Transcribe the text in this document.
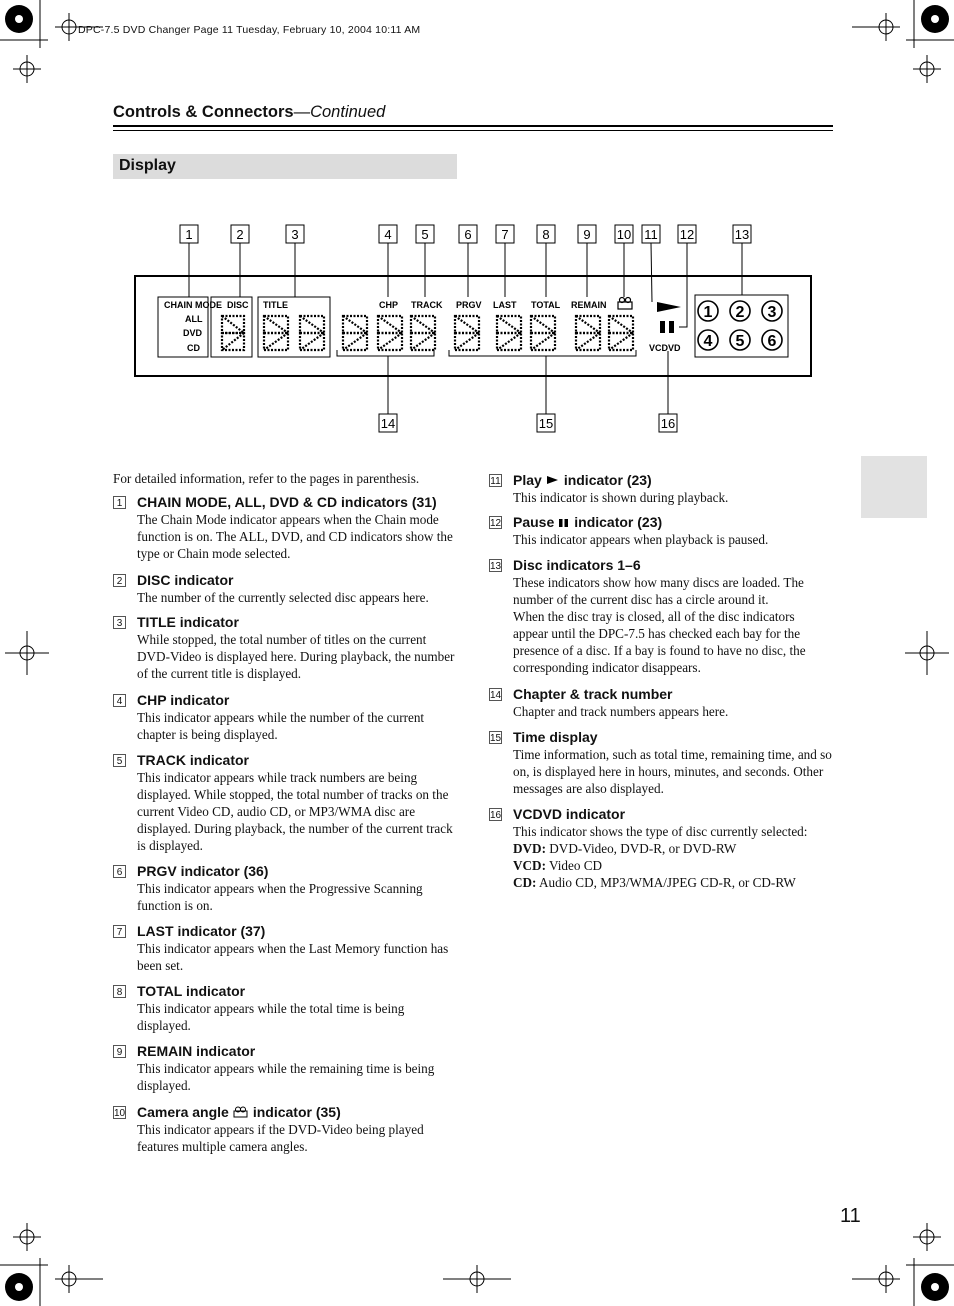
DPC-7.5 DVD Changer Page 11 Tuesday, February 10, 2004 10:11 AM
Controls & Connectors—Continued
Display
CHAIN MODE DISC
ALL
DVD
CD
TITLE	CHP TRACK PRGV LAST TOTAL REMAIN
VCDVD
1 2 3
4 5 6
1	2	3	4 5	6 7	8	9 10 11 12	13
14	15	16
For detailed information, refer to the pages in parenthesis.
1 CHAIN MODE, ALL, DVD & CD indicators (31)
The Chain Mode indicator appears when the Chain mode function is on. The ALL, DVD, and CD indicators show the type or Chain mode selected.
2 DISC indicator
The number of the currently selected disc appears here.
3 TITLE indicator
While stopped, the total number of titles on the current DVD-Video is displayed here. During playback, the number of the current title is displayed.
4 CHP indicator
This indicator appears while the number of the current chapter is being displayed.
5 TRACK indicator
This indicator appears while track numbers are being displayed. While stopped, the total number of tracks on the current Video CD, audio CD, or MP3/WMA disc are displayed. During playback, the number of the current track is displayed.
6 PRGV indicator (36)
This indicator appears when the Progressive Scanning function is on.
7 LAST indicator (37)
This indicator appears when the Last Memory function has been set.
8 TOTAL indicator
This indicator appears while the total time is being displayed.
9 REMAIN indicator
This indicator appears while the remaining time is being displayed.
10 Camera angle indicator (35)
This indicator appears if the DVD-Video being played features multiple camera angles.
11 Play indicator (23)
This indicator is shown during playback.
12 Pause indicator (23)
This indicator appears when playback is paused.
13 Disc indicators 1–6
These indicators show how many discs are loaded. The number of the current disc has a circle around it.
When the disc tray is closed, all of the disc indicators appear until the DPC-7.5 has checked each bay for the presence of a disc. If a bay is found to have no disc, the corresponding indicator disappears.
14 Chapter & track number
Chapter and track numbers appears here.
15 Time display
Time information, such as total time, remaining time, and so on, is displayed here in hours, minutes, and seconds. Other messages are also displayed.
16 VCDVD indicator
This indicator shows the type of disc currently selected:
DVD: DVD-Video, DVD-R, or DVD-RW
VCD: Video CD
CD: Audio CD, MP3/WMA/JPEG CD-R, or CD-RW
11
